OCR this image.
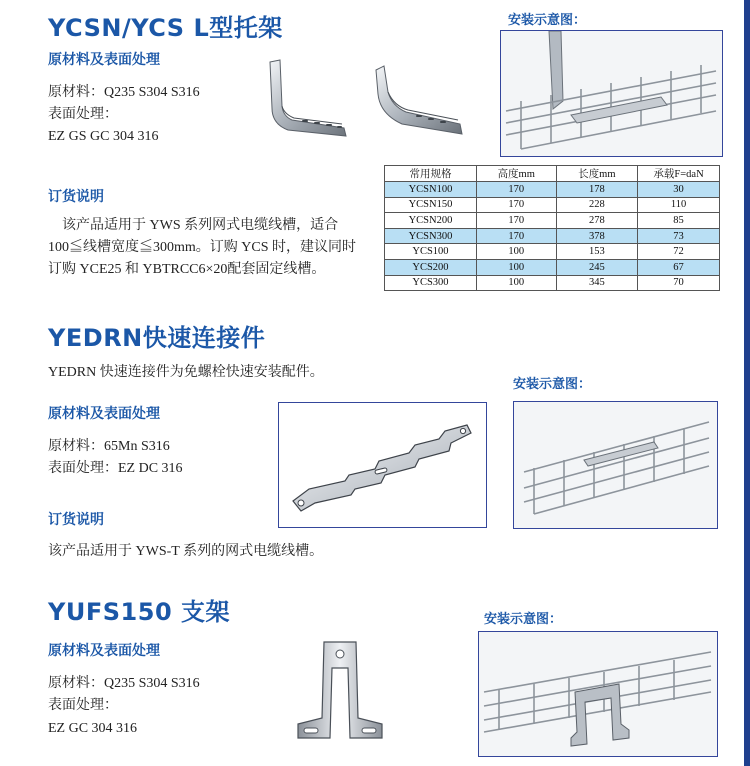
YCSN/YCS L型托架
原材料及表面处理
原材料：Q235 S304 S316
表面处理：
EZ GS GC 304 316
订货说明
该产品适用于 YWS 系列网式电缆线槽，适合
100≦线槽宽度≦300mm。订购 YCS 时，建议同时
订购 YCE25 和 YBTRCC6×20配套固定线槽。
安装示意图：
常用规格	高度mm	长度mm	承载F=daN
YCSN100	170	178	30
YCSN150	170	228	110
YCSN200	170	278	85
YCSN300	170	378	73
YCS100	100	153	72
YCS200	100	245	67
YCS300	100	345	70
YEDRN快速连接件
YEDRN 快速连接件为免螺栓快速安装配件。
原材料及表面处理
原材料：65Mn S316
表面处理：EZ DC 316
订货说明
该产品适用于 YWS-T 系列的网式电缆线槽。
安装示意图：
YUFS150 支架
原材料及表面处理
原材料：Q235 S304 S316
表面处理：
EZ GC 304 316
安装示意图：
